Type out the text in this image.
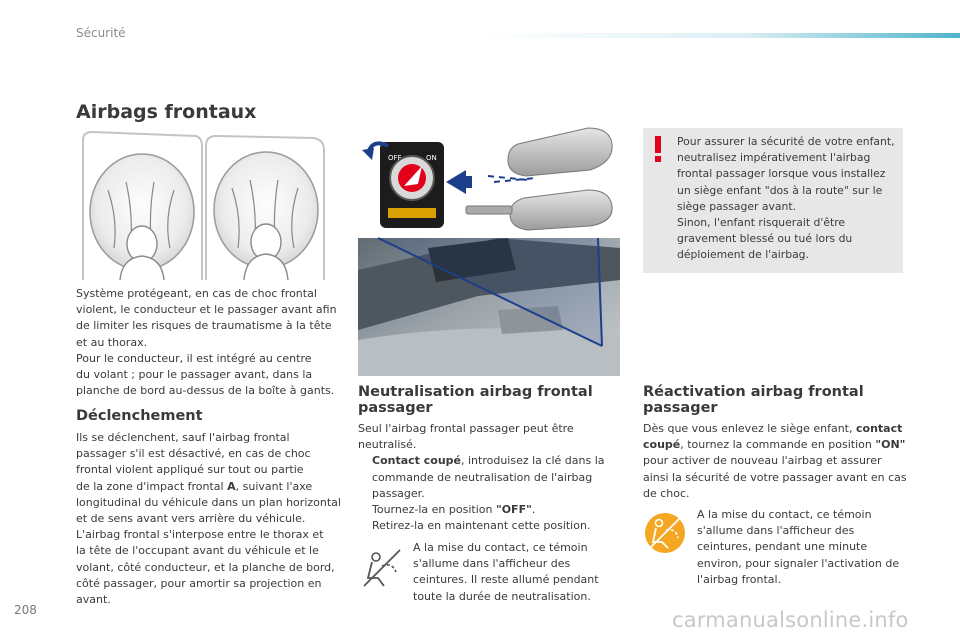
Sécurité
Airbags frontaux
Système protégeant, en cas de choc frontal
violent, le conducteur et le passager avant afin
de limiter les risques de traumatisme à la tête
et au thorax.
Pour le conducteur, il est intégré au centre
du volant ; pour le passager avant, dans la
planche de bord au-dessus de la boîte à gants.
Déclenchement
Ils se déclenchent, sauf l'airbag frontal
passager s'il est désactivé, en cas de choc
frontal violent appliqué sur tout ou partie
de la zone d'impact frontal A, suivant l'axe
longitudinal du véhicule dans un plan horizontal
et de sens avant vers arrière du véhicule.
L'airbag frontal s'interpose entre le thorax et
la tête de l'occupant avant du véhicule et le
volant, côté conducteur, et la planche de bord,
côté passager, pour amortir sa projection en
avant.
OFF	ON
Neutralisation airbag frontal
passager
Seul l'airbag frontal passager peut être
neutralisé.
Contact coupé, introduisez la clé dans la
commande de neutralisation de l'airbag
passager.
Tournez-la en position "OFF".
Retirez-la en maintenant cette position.
A la mise du contact, ce témoin
s'allume dans l'afficheur des
ceintures. Il reste allumé pendant
toute la durée de neutralisation.
Pour assurer la sécurité de votre enfant,
neutralisez impérativement l'airbag
frontal passager lorsque vous installez
un siège enfant "dos à la route" sur le
siège passager avant.
Sinon, l'enfant risquerait d'être
gravement blessé ou tué lors du
déploiement de l'airbag.
Réactivation airbag frontal
passager
Dès que vous enlevez le siège enfant, contact
coupé, tournez la commande en position "ON"
pour activer de nouveau l'airbag et assurer
ainsi la sécurité de votre passager avant en cas
de choc.
A la mise du contact, ce témoin
s'allume dans l'afficheur des
ceintures, pendant une minute
environ, pour signaler l'activation de
l'airbag frontal.
208	carmanualsonline.info
